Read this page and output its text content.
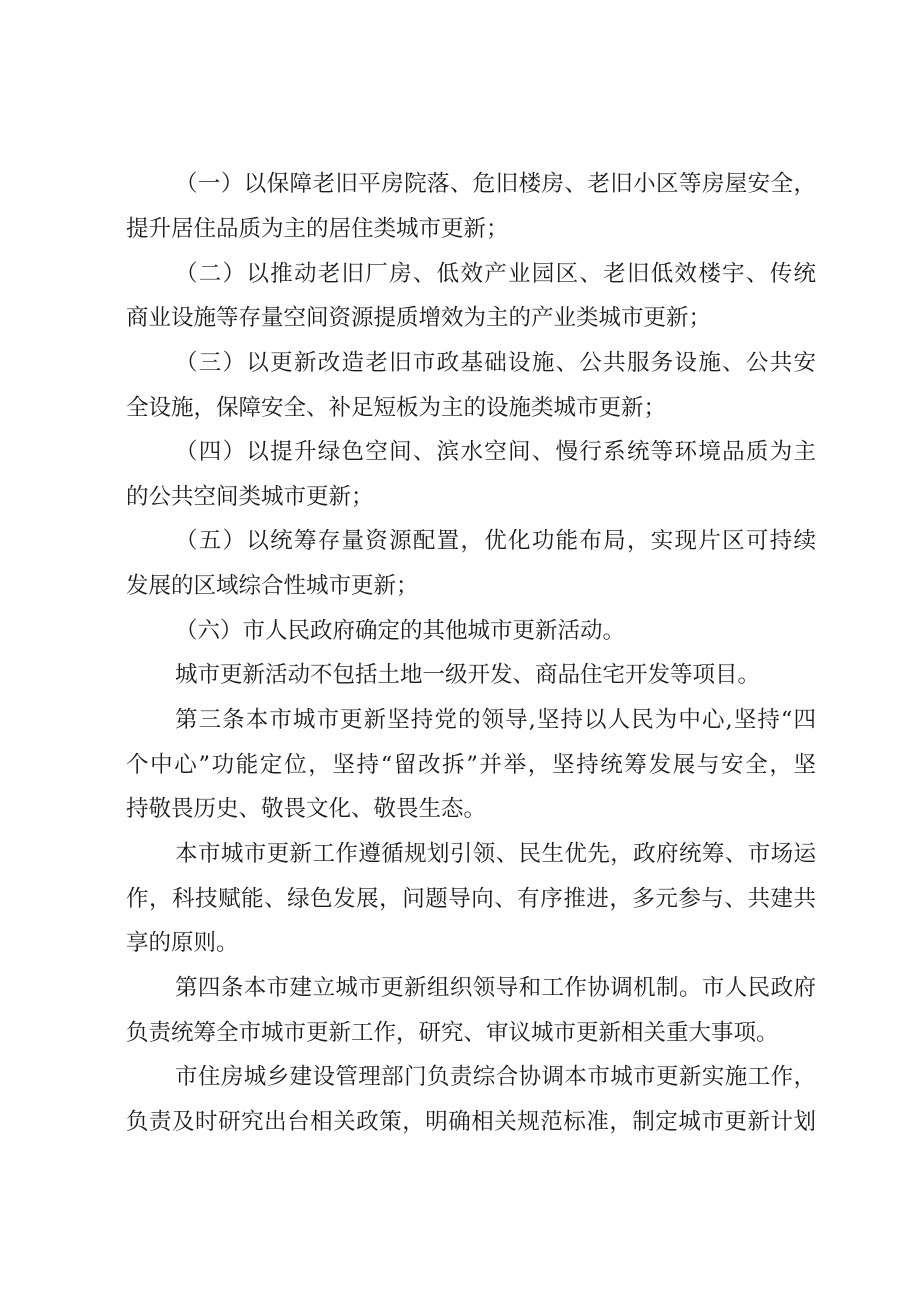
（一）以保障老旧平房院落、危旧楼房、老旧小区等房屋安全，
提升居住品质为主的居住类城市更新；
（二）以推动老旧厂房、低效产业园区、老旧低效楼宇、传统
商业设施等存量空间资源提质增效为主的产业类城市更新；
（三）以更新改造老旧市政基础设施、公共服务设施、公共安
全设施，保障安全、补足短板为主的设施类城市更新；
（四）以提升绿色空间、滨水空间、慢行系统等环境品质为主
的公共空间类城市更新；
（五）以统筹存量资源配置，优化功能布局，实现片区可持续
发展的区域综合性城市更新；
（六）市人民政府确定的其他城市更新活动。
城市更新活动不包括土地一级开发、商品住宅开发等项目。
第三条本市城市更新坚持党的领导,坚持以人民为中心,坚持“四
个中心”功能定位，坚持“留改拆”并举，坚持统筹发展与安全，坚
持敬畏历史、敬畏文化、敬畏生态。
本市城市更新工作遵循规划引领、民生优先，政府统筹、市场运
作，科技赋能、绿色发展，问题导向、有序推进，多元参与、共建共
享的原则。
第四条本市建立城市更新组织领导和工作协调机制。市人民政府
负责统筹全市城市更新工作，研究、审议城市更新相关重大事项。
市住房城乡建设管理部门负责综合协调本市城市更新实施工作，
负责及时研究出台相关政策，明确相关规范标准，制定城市更新计划
